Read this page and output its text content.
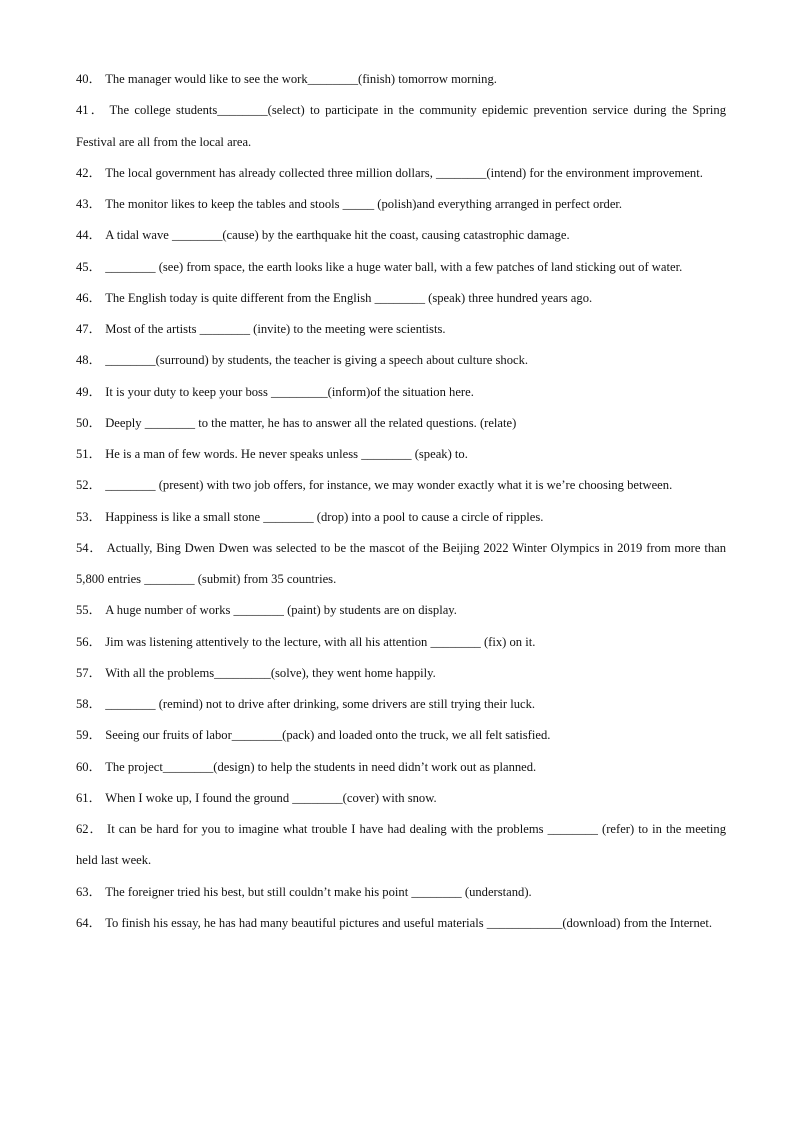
40． The manager would like to see the work________(finish) tomorrow morning.
41． The college students________(select) to participate in the community epidemic prevention service during the Spring Festival are all from the local area.
42． The local government has already collected three million dollars, ________(intend) for the environment improvement.
43． The monitor likes to keep the tables and stools _____ (polish)and everything arranged in perfect order.
44． A tidal wave ________(cause) by the earthquake hit the coast, causing catastrophic damage.
45． ________ (see) from space, the earth looks like a huge water ball, with a few patches of land sticking out of water.
46． The English today is quite different from the English ________ (speak) three hundred years ago.
47． Most of the artists ________ (invite) to the meeting were scientists.
48． ________(surround) by students, the teacher is giving a speech about culture shock.
49． It is your duty to keep your boss _________(inform)of the situation here.
50． Deeply ________ to the matter, he has to answer all the related questions. (relate)
51． He is a man of few words. He never speaks unless ________ (speak) to.
52． ________ (present) with two job offers, for instance, we may wonder exactly what it is we’re choosing between.
53． Happiness is like a small stone ________ (drop) into a pool to cause a circle of ripples.
54． Actually, Bing Dwen Dwen was selected to be the mascot of the Beijing 2022 Winter Olympics in 2019 from more than 5,800 entries ________ (submit) from 35 countries.
55． A huge number of works ________ (paint) by students are on display.
56． Jim was listening attentively to the lecture, with all his attention ________ (fix) on it.
57． With all the problems_________(solve), they went home happily.
58． ________ (remind) not to drive after drinking, some drivers are still trying their luck.
59． Seeing our fruits of labor________(pack) and loaded onto the truck, we all felt satisfied.
60． The project________(design) to help the students in need didn’t work out as planned.
61． When I woke up, I found the ground ________(cover) with snow.
62． It can be hard for you to imagine what trouble I have had dealing with the problems ________ (refer) to in the meeting held last week.
63． The foreigner tried his best, but still couldn’t make his point ________ (understand).
64． To finish his essay, he has had many beautiful pictures and useful materials ____________(download) from the Internet.
